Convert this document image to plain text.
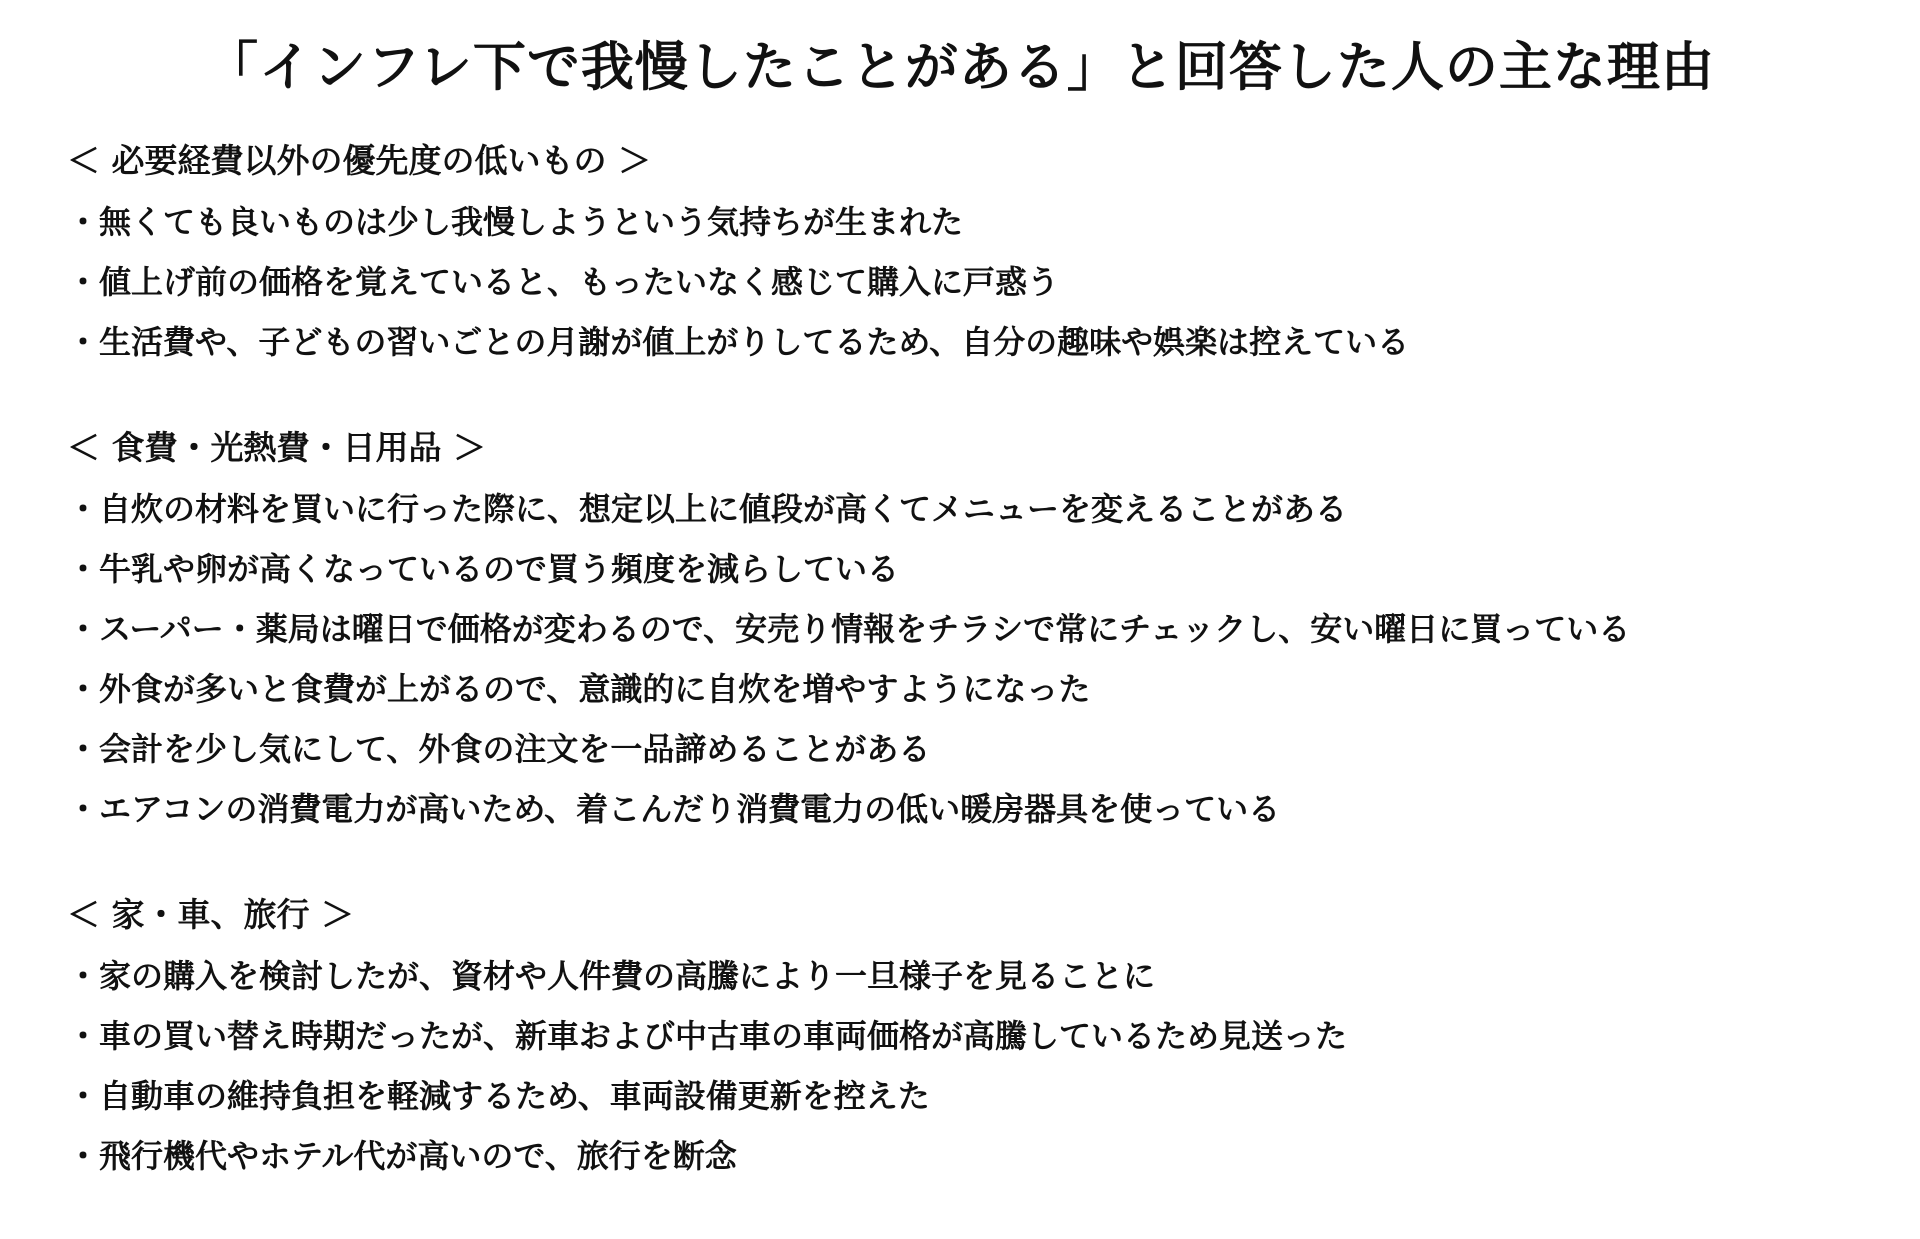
「インフレ下で我慢したことがある」と回答した人の主な理由
＜ 必要経費以外の優先度の低いもの ＞
・無くても良いものは少し我慢しようという気持ちが生まれた
・値上げ前の価格を覚えていると、もったいなく感じて購入に戸惑う
・生活費や、子どもの習いごとの月謝が値上がりしてるため、自分の趣味や娯楽は控えている
＜ 食費・光熱費・日用品 ＞
・自炊の材料を買いに行った際に、想定以上に値段が高くてメニューを変えることがある
・牛乳や卵が高くなっているので買う頻度を減らしている
・スーパー・薬局は曜日で価格が変わるので、安売り情報をチラシで常にチェックし、安い曜日に買っている
・外食が多いと食費が上がるので、意識的に自炊を増やすようになった
・会計を少し気にして、外食の注文を一品諦めることがある
・エアコンの消費電力が高いため、着こんだり消費電力の低い暖房器具を使っている
＜ 家・車、旅行 ＞
・家の購入を検討したが、資材や人件費の高騰により一旦様子を見ることに
・車の買い替え時期だったが、新車および中古車の車両価格が高騰しているため見送った
・自動車の維持負担を軽減するため、車両設備更新を控えた
・飛行機代やホテル代が高いので、旅行を断念
